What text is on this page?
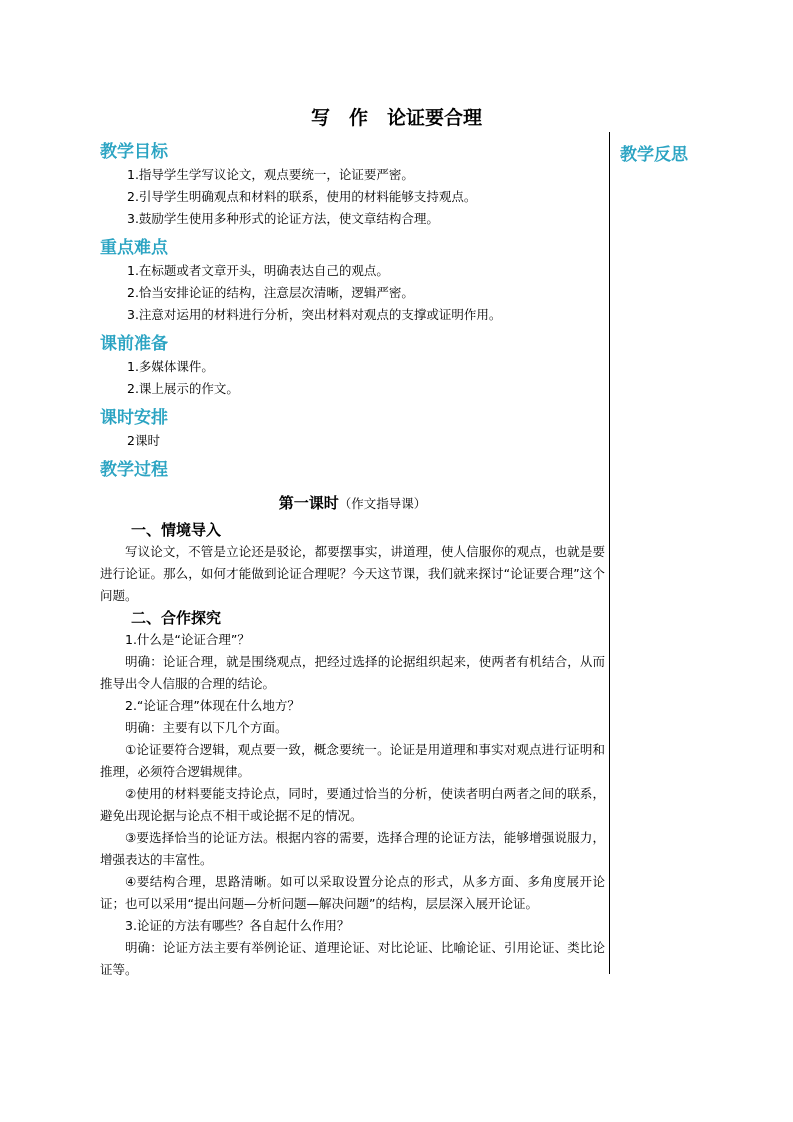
写　作　论证要合理
教学反思

教学目标

1.指导学生学写议论文，观点要统一，论证要严密。

2.引导学生明确观点和材料的联系，使用的材料能够支持观点。

3.鼓励学生使用多种形式的论证方法，使文章结构合理。

重点难点

1.在标题或者文章开头，明确表达自己的观点。

2.恰当安排论证的结构，注意层次清晰，逻辑严密。

3.注意对运用的材料进行分析，突出材料对观点的支撑或证明作用。

课前准备

1.多媒体课件。

2.课上展示的作文。

课时安排

2课时

教学过程

第一课时（作文指导课）

一、情境导入

写议论文，不管是立论还是驳论，都要摆事实，讲道理，使人信服你的观点，也就是要进行论证。那么，如何才能做到论证合理呢？今天这节课，我们就来探讨“论证要合理”这个问题。

二、合作探究

1.什么是“论证合理”？

明确：论证合理，就是围绕观点，把经过选择的论据组织起来，使两者有机结合，从而推导出令人信服的合理的结论。

2.“论证合理”体现在什么地方？

明确：主要有以下几个方面。

①论证要符合逻辑，观点要一致，概念要统一。论证是用道理和事实对观点进行证明和推理，必须符合逻辑规律。

②使用的材料要能支持论点，同时，要通过恰当的分析，使读者明白两者之间的联系，避免出现论据与论点不相干或论据不足的情况。

③要选择恰当的论证方法。根据内容的需要，选择合理的论证方法，能够增强说服力，增强表达的丰富性。

④要结构合理，思路清晰。如可以采取设置分论点的形式，从多方面、多角度展开论证；也可以采用“提出问题—分析问题—解决问题”的结构，层层深入展开论证。

3.论证的方法有哪些？各自起什么作用？

明确：论证方法主要有举例论证、道理论证、对比论证、比喻论证、引用论证、类比论证等。
